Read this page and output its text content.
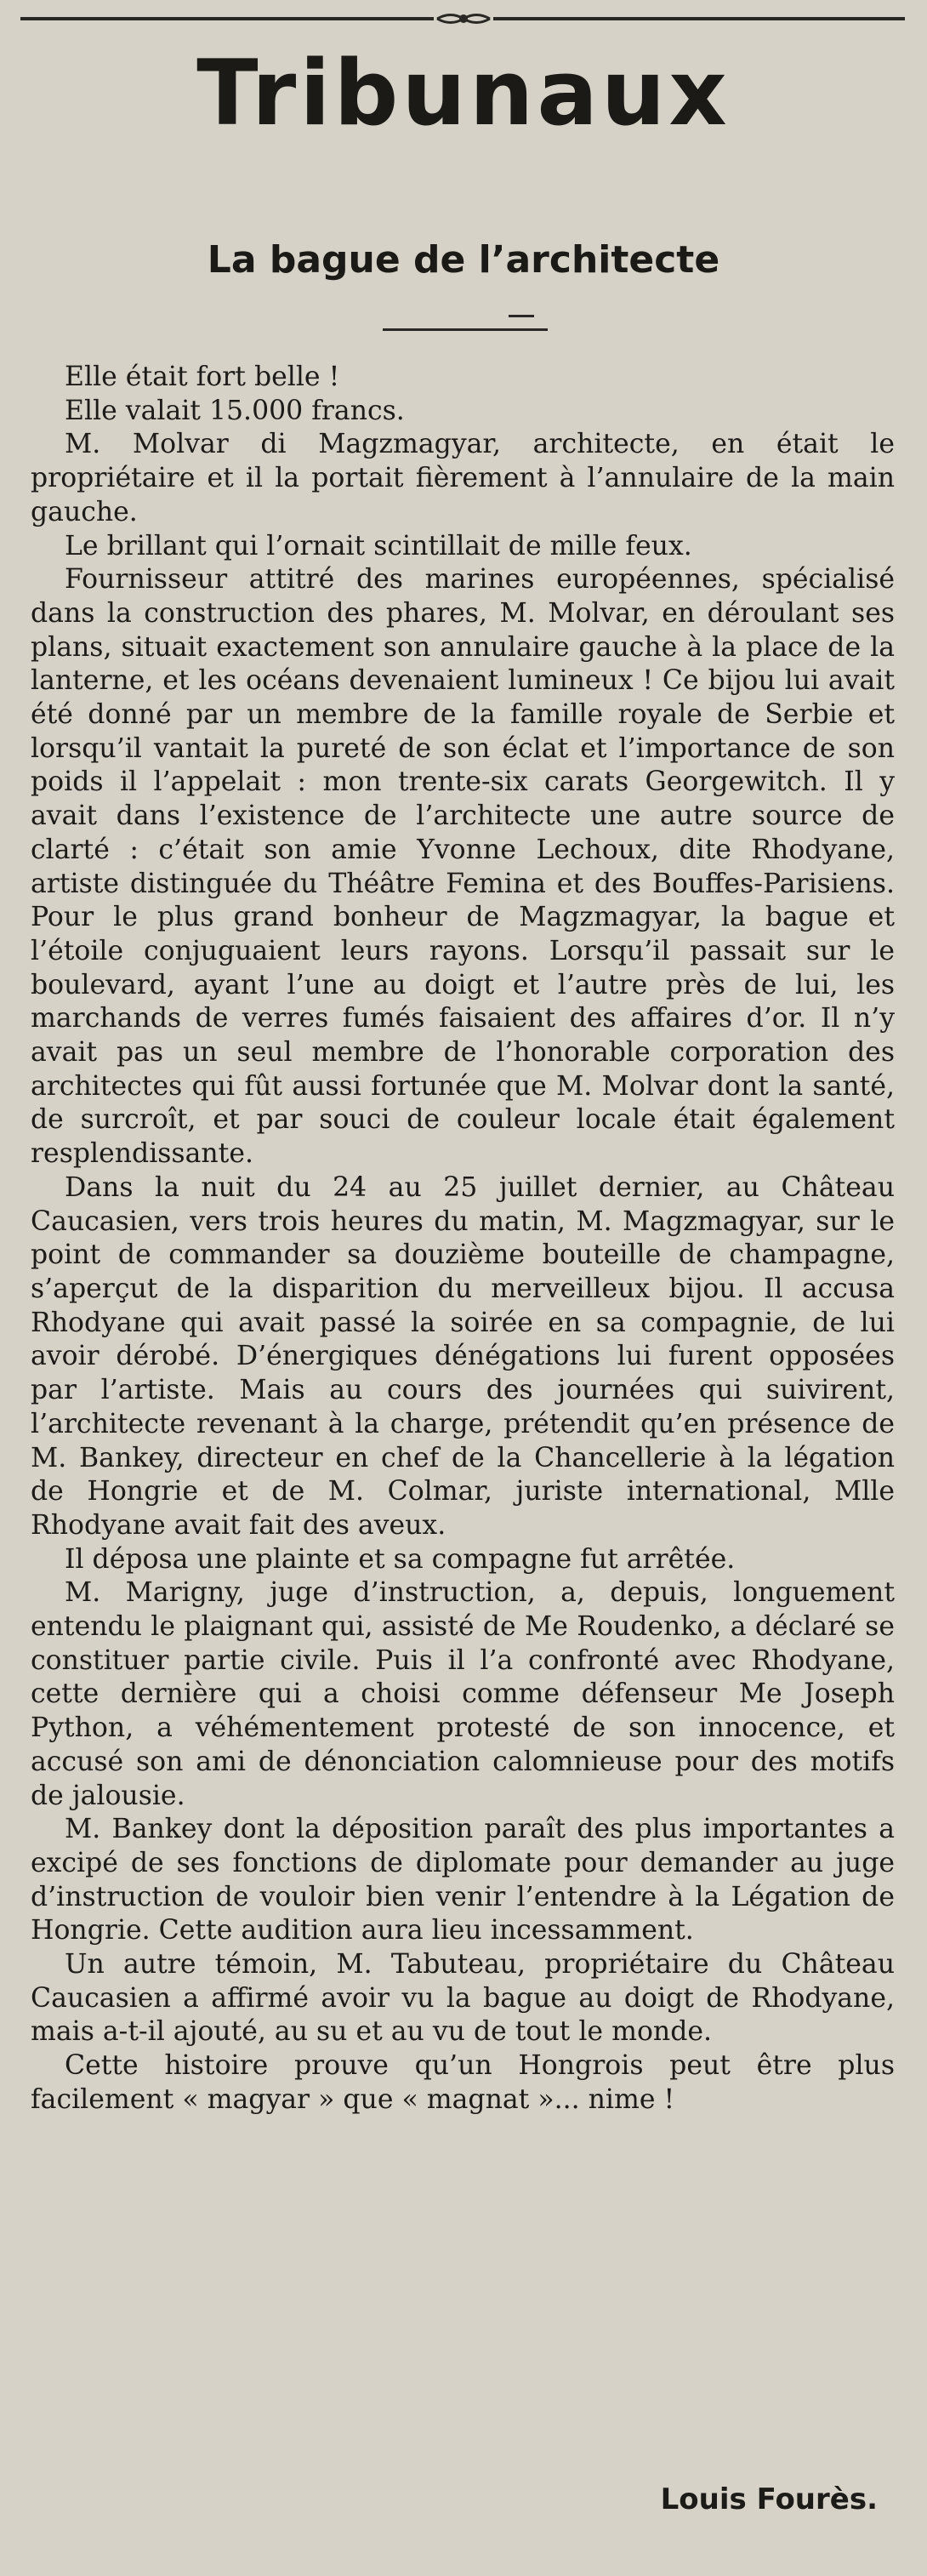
Tribunaux
La bague de l’architecte

Elle était fort belle !

Elle valait 15.000 francs.

M. Molvar di Magzmagyar, architecte, en était le propriétaire et il la portait fièrement à l’annulaire de la main gauche.

Le brillant qui l’ornait scintillait de mille feux.

Fournisseur attitré des marines européennes, spécialisé dans la construction des phares, M. Molvar, en déroulant ses plans, situait exactement son annulaire gauche à la place de la lanterne, et les océans devenaient lumineux ! Ce bijou lui avait été donné par un membre de la famille royale de Serbie et lorsqu’il vantait la pureté de son éclat et l’importance de son poids il l’appelait : mon trente-six carats Georgewitch. Il y avait dans l’existence de l’architecte une autre source de clarté : c’était son amie Yvonne Lechoux, dite Rhodyane, artiste distinguée du Théâtre Femina et des Bouffes-Parisiens. Pour le plus grand bonheur de Magzmagyar, la bague et l’étoile conjuguaient leurs rayons. Lorsqu’il passait sur le boulevard, ayant l’une au doigt et l’autre près de lui, les marchands de verres fumés faisaient des affaires d’or. Il n’y avait pas un seul membre de l’honorable corporation des architectes qui fût aussi fortunée que M. Molvar dont la santé, de surcroît, et par souci de couleur locale était également resplendissante.

Dans la nuit du 24 au 25 juillet dernier, au Château Caucasien, vers trois heures du matin, M. Magzmagyar, sur le point de commander sa douzième bouteille de champagne, s’aperçut de la disparition du merveilleux bijou. Il accusa Rhodyane qui avait passé la soirée en sa compagnie, de lui avoir dérobé. D’énergiques dénégations lui furent opposées par l’artiste. Mais au cours des journées qui suivirent, l’architecte revenant à la charge, prétendit qu’en présence de M. Bankey, directeur en chef de la Chancellerie à la légation de Hongrie et de M. Colmar, juriste international, Mlle Rhodyane avait fait des aveux.

Il déposa une plainte et sa compagne fut arrêtée.

M. Marigny, juge d’instruction, a, depuis, longuement entendu le plaignant qui, assisté de Me Roudenko, a déclaré se constituer partie civile. Puis il l’a confronté avec Rhodyane, cette dernière qui a choisi comme défenseur Me Joseph Python, a véhémentement protesté de son innocence, et accusé son ami de dénonciation calomnieuse pour des motifs de jalousie.

M. Bankey dont la déposition paraît des plus importantes a excipé de ses fonctions de diplomate pour demander au juge d’instruction de vouloir bien venir l’entendre à la Légation de Hongrie. Cette audition aura lieu incessamment.

Un autre témoin, M. Tabuteau, propriétaire du Château Caucasien a affirmé avoir vu la bague au doigt de Rhodyane, mais a-t-il ajouté, au su et au vu de tout le monde.

Cette histoire prouve qu’un Hongrois peut être plus facilement « magyar » que « magnat »... nime !

Louis Fourès.
